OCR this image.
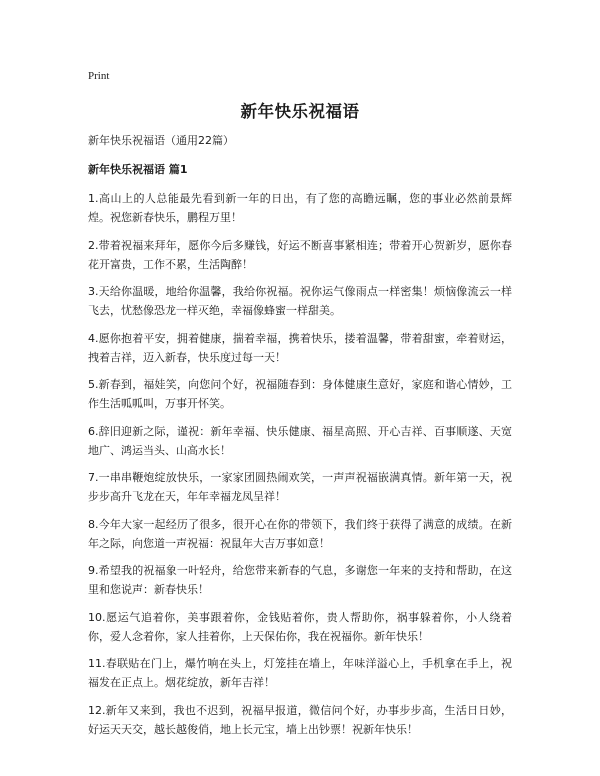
Print
新年快乐祝福语
新年快乐祝福语（通用22篇）
新年快乐祝福语 篇1

1.高山上的人总能最先看到新一年的日出，有了您的高瞻远瞩，您的事业必然前景辉煌。祝您新春快乐，鹏程万里！

2.带着祝福来拜年，愿你今后多赚钱，好运不断喜事紧相连；带着开心贺新岁，愿你春花开富贵，工作不累，生活陶醉！

3.天给你温暖，地给你温馨，我给你祝福。祝你运气像雨点一样密集！烦恼像流云一样飞去，忧愁像恐龙一样灭绝，幸福像蜂蜜一样甜美。

4.愿你抱着平安，拥着健康，揣着幸福，携着快乐，搂着温馨，带着甜蜜，牵着财运，拽着吉祥，迈入新春，快乐度过每一天！

5.新春到，福娃笑，向您问个好，祝福随春到：身体健康生意好，家庭和谐心情妙，工作生活呱呱叫，万事开怀笑。

6.辞旧迎新之际，谨祝：新年幸福、快乐健康、福星高照、开心吉祥、百事顺遂、天宽地广、鸿运当头、山高水长！

7.一串串鞭炮绽放快乐，一家家团圆热闹欢笑，一声声祝福嵌满真情。新年第一天，祝步步高升飞龙在天，年年幸福龙凤呈祥！

8.今年大家一起经历了很多，很开心在你的带领下，我们终于获得了满意的成绩。在新年之际，向您道一声祝福：祝鼠年大吉万事如意！

9.希望我的祝福象一叶轻舟，给您带来新春的气息，多谢您一年来的支持和帮助，在这里和您说声：新春快乐！

10.愿运气追着你，美事跟着你，金钱贴着你，贵人帮助你，祸事躲着你，小人绕着你，爱人念着你，家人挂着你，上天保佑你，我在祝福你。新年快乐！

11.春联贴在门上，爆竹响在头上，灯笼挂在墙上，年味洋溢心上，手机拿在手上，祝福发在正点上。烟花绽放，新年吉祥！

12.新年又来到，我也不迟到，祝福早报道，微信问个好，办事步步高，生活日日妙，好运天天交，越长越俊俏，地上长元宝，墙上出钞票！祝新年快乐！
